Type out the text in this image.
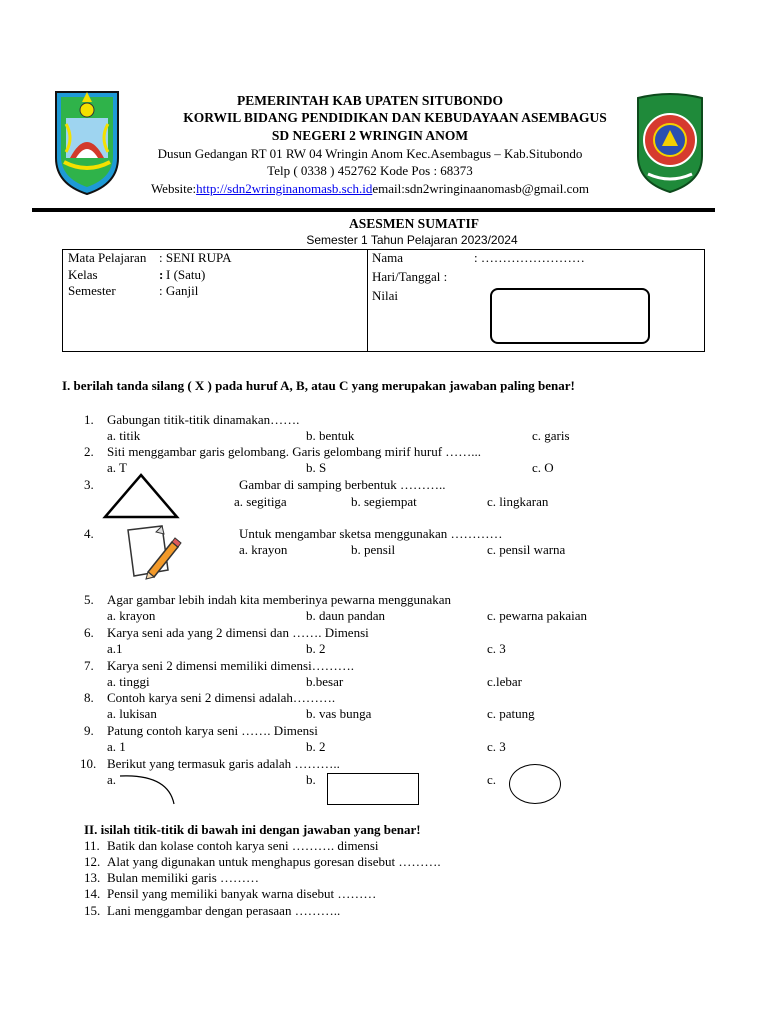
PEMERINTAH KAB UPATEN SITUBONDO
KORWIL BIDANG PENDIDIKAN DAN KEBUDAYAAN ASEMBAGUS
SD NEGERI 2 WRINGIN ANOM
Dusun Gedangan RT 01 RW 04 Wringin Anom Kec.Asembagus – Kab.Situbondo
Telp ( 0338 ) 452762 Kode Pos : 68373
Website:http://sdn2wringinanomasb.sch.idemail:sdn2wringinaanomasb@gmail.com
ASESMEN SUMATIF
Semester 1 Tahun Pelajaran 2023/2024
Mata Pelajaran : SENI RUPA
Kelas	: I (Satu)
Semester	: Ganjil
Nama	: ……………………
Hari/Tanggal :
Nilai
I. berilah tanda silang ( X ) pada huruf A, B, atau C yang merupakan jawaban paling benar!
1. Gabungan titik-titik dinamakan…….
a. titik	b. bentuk	c. garis
2. Siti menggambar garis gelombang. Garis gelombang mirif huruf ……...
a. T	b. S	c. O
3.	Gambar di samping berbentuk ………..
a. segitiga	b. segiempat	c. lingkaran
4.	Untuk mengambar sketsa menggunakan …………
a. krayon	b. pensil	c. pensil warna
5. Agar gambar lebih indah kita memberinya pewarna menggunakan
a. krayon	b. daun pandan	c. pewarna pakaian
6. Karya seni ada yang 2 dimensi dan ……. Dimensi
a.1	b. 2	c. 3
7. Karya seni 2 dimensi memiliki dimensi……….
a. tinggi	b.besar	c.lebar
8. Contoh karya seni 2 dimensi adalah……….
a. lukisan	b. vas bunga	c. patung
9. Patung contoh karya seni ……. Dimensi
a. 1	b. 2	c. 3
10. Berikut yang termasuk garis adalah ………..
a.	b.	c.
II. isilah titik-titik di bawah ini dengan jawaban yang benar!
11. Batik dan kolase contoh karya seni ………. dimensi
12. Alat yang digunakan untuk menghapus goresan disebut ……….
13. Bulan memiliki garis ………
14. Pensil yang memiliki banyak warna disebut ………
15. Lani menggambar dengan perasaan ………..
